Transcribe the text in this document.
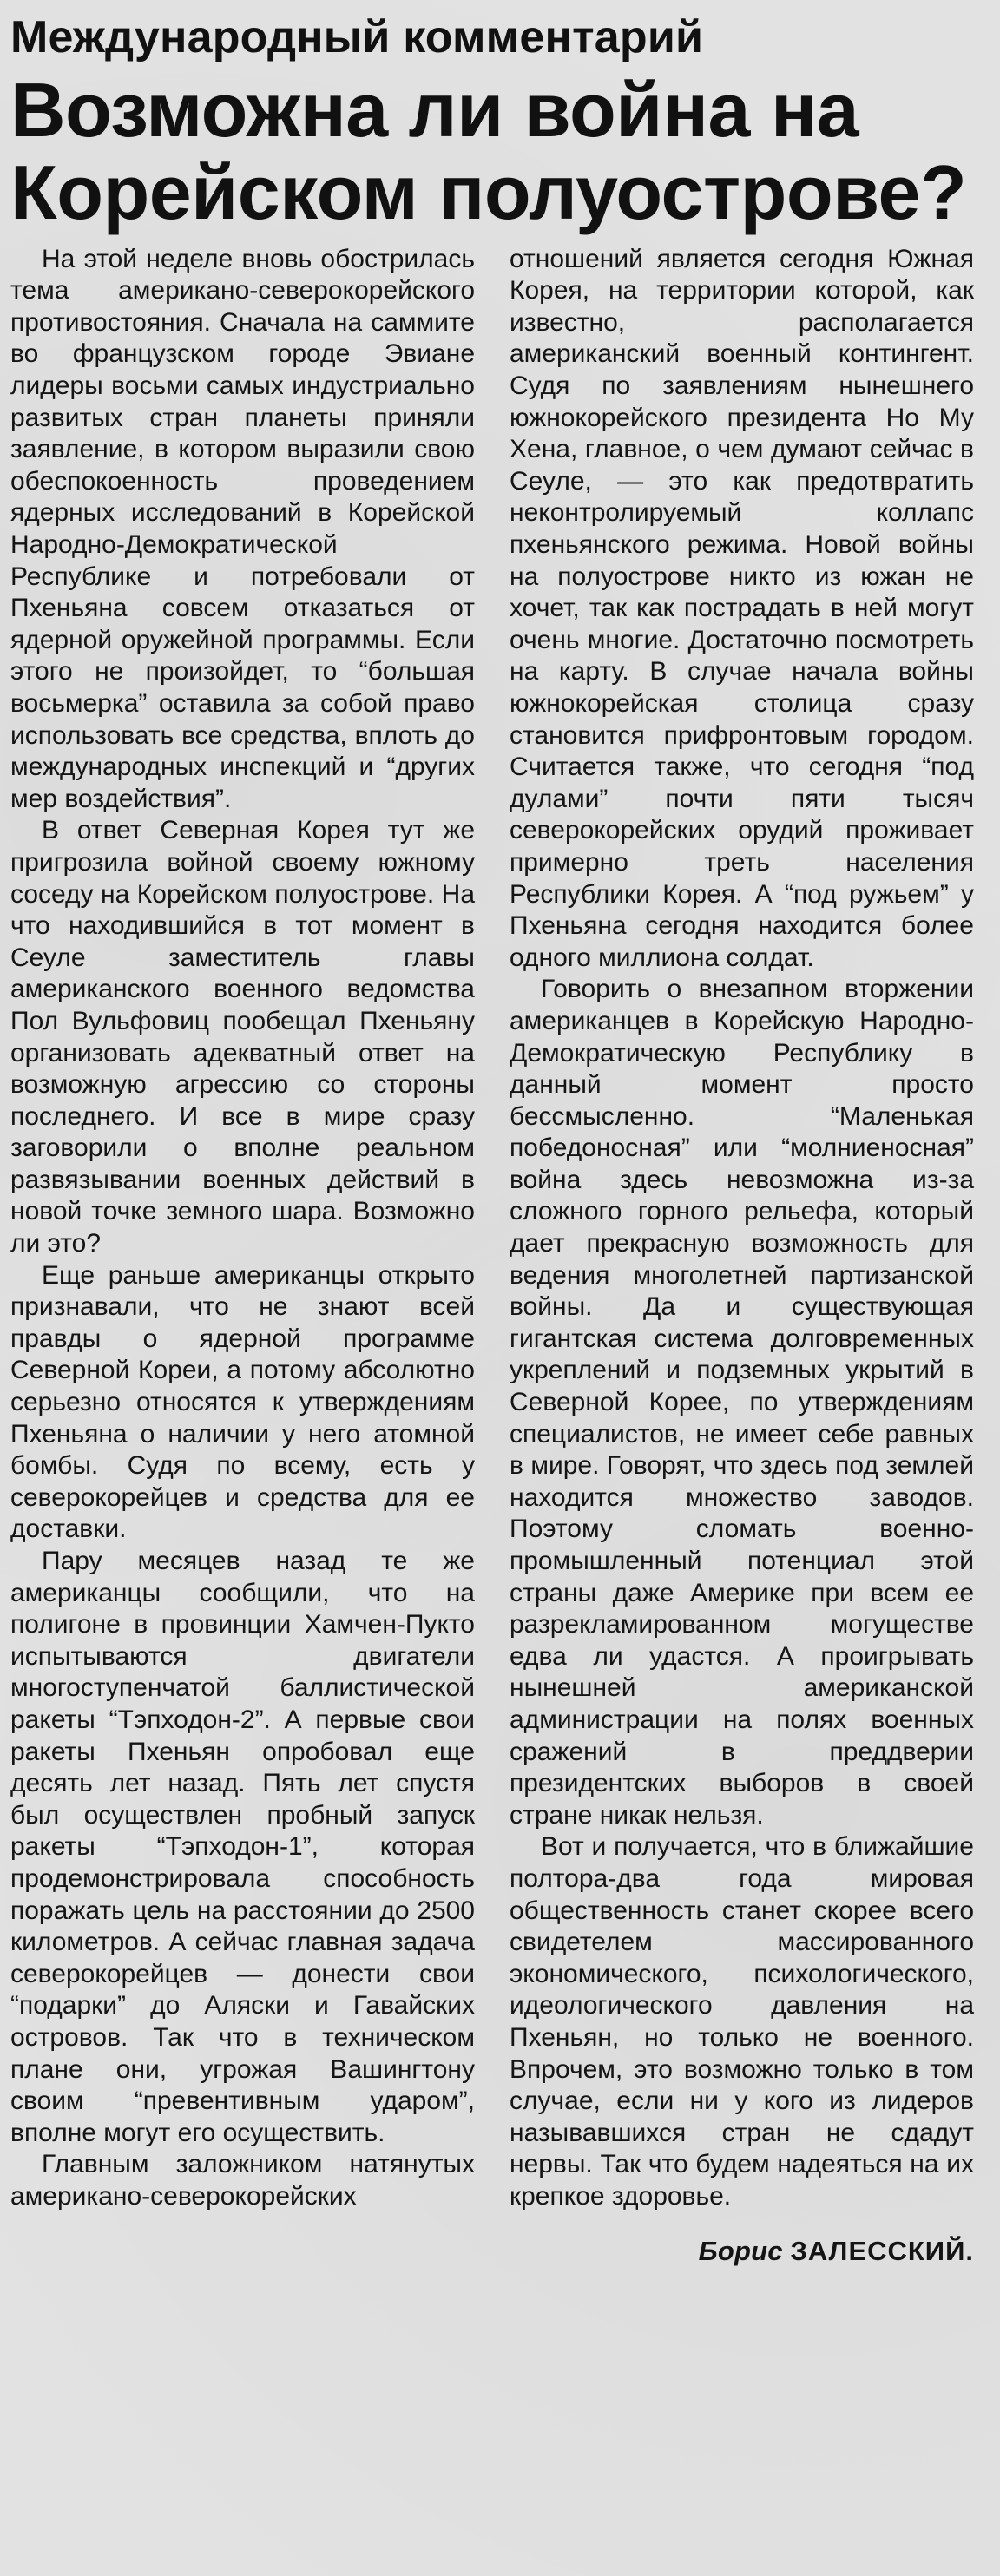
Международный комментарий
Возможна ли война на Корейском полуострове?

На этой неделе вновь обострилась тема американо-северокорейского противостояния. Сначала на саммите во французском городе Эвиане лидеры восьми самых индустриально развитых стран планеты приняли заявление, в котором выразили свою обеспокоенность проведением ядерных исследований в Корейской Народно-Демократической Республике и потребовали от Пхеньяна совсем отказаться от ядерной оружейной программы. Если этого не произойдет, то “большая восьмерка” оставила за собой право использовать все средства, вплоть до международных инспекций и “других мер воздействия”.

В ответ Северная Корея тут же пригрозила войной своему южному соседу на Корейском полуострове. На что находившийся в тот момент в Сеуле заместитель главы американского военного ведомства Пол Вульфовиц пообещал Пхеньяну организовать адекватный ответ на возможную агрессию со стороны последнего. И все в мире сразу заговорили о вполне реальном развязывании военных действий в новой точке земного шара. Возможно ли это?

Еще раньше американцы открыто признавали, что не знают всей правды о ядерной программе Северной Кореи, а потому абсолютно серьезно относятся к утверждениям Пхеньяна о наличии у него атомной бомбы. Судя по всему, есть у северокорейцев и средства для ее доставки.

Пару месяцев назад те же американцы сообщили, что на полигоне в провинции Хамчен-Пукто испытываются двигатели многоступенчатой баллистической ракеты “Тэпходон-2”. А первые свои ракеты Пхеньян опробовал еще десять лет назад. Пять лет спустя был осуществлен пробный запуск ракеты “Тэпходон-1”, которая продемонстрировала способность поражать цель на расстоянии до 2500 километров. А сейчас главная задача северокорейцев — донести свои “подарки” до Аляски и Гавайских островов. Так что в техническом плане они, угрожая Вашингтону своим “превентивным ударом”, вполне могут его осуществить.

Главным заложником натянутых американо-северокорейских

отношений является сегодня Южная Корея, на территории которой, как известно, располагается американский военный контингент. Судя по заявлениям нынешнего южнокорейского президента Но Му Хена, главное, о чем думают сейчас в Сеуле, — это как предотвратить неконтролируемый коллапс пхеньянского режима. Новой войны на полуострове никто из южан не хочет, так как пострадать в ней могут очень многие. Достаточно посмотреть на карту. В случае начала войны южнокорейская столица сразу становится прифронтовым городом. Считается также, что сегодня “под дулами” почти пяти тысяч северокорейских орудий проживает примерно треть населения Республики Корея. А “под ружьем” у Пхеньяна сегодня находится более одного миллиона солдат.

Говорить о внезапном вторжении американцев в Корейскую Народно-Демократическую Республику в данный момент просто бессмысленно. “Маленькая победоносная” или “молниеносная” война здесь невозможна из-за сложного горного рельефа, который дает прекрасную возможность для ведения многолетней партизанской войны. Да и существующая гигантская система долговременных укреплений и подземных укрытий в Северной Корее, по утверждениям специалистов, не имеет себе равных в мире. Говорят, что здесь под землей находится множество заводов. Поэтому сломать военно-промышленный потенциал этой страны даже Америке при всем ее разрекламированном могуществе едва ли удастся. А проигрывать нынешней американской администрации на полях военных сражений в преддверии президентских выборов в своей стране никак нельзя.

Вот и получается, что в ближайшие полтора-два года мировая общественность станет скорее всего свидетелем массированного экономического, психологического, идеологического давления на Пхеньян, но только не военного. Впрочем, это возможно только в том случае, если ни у кого из лидеров называвшихся стран не сдадут нервы. Так что будем надеяться на их крепкое здоровье.

Борис ЗАЛЕССКИЙ.
